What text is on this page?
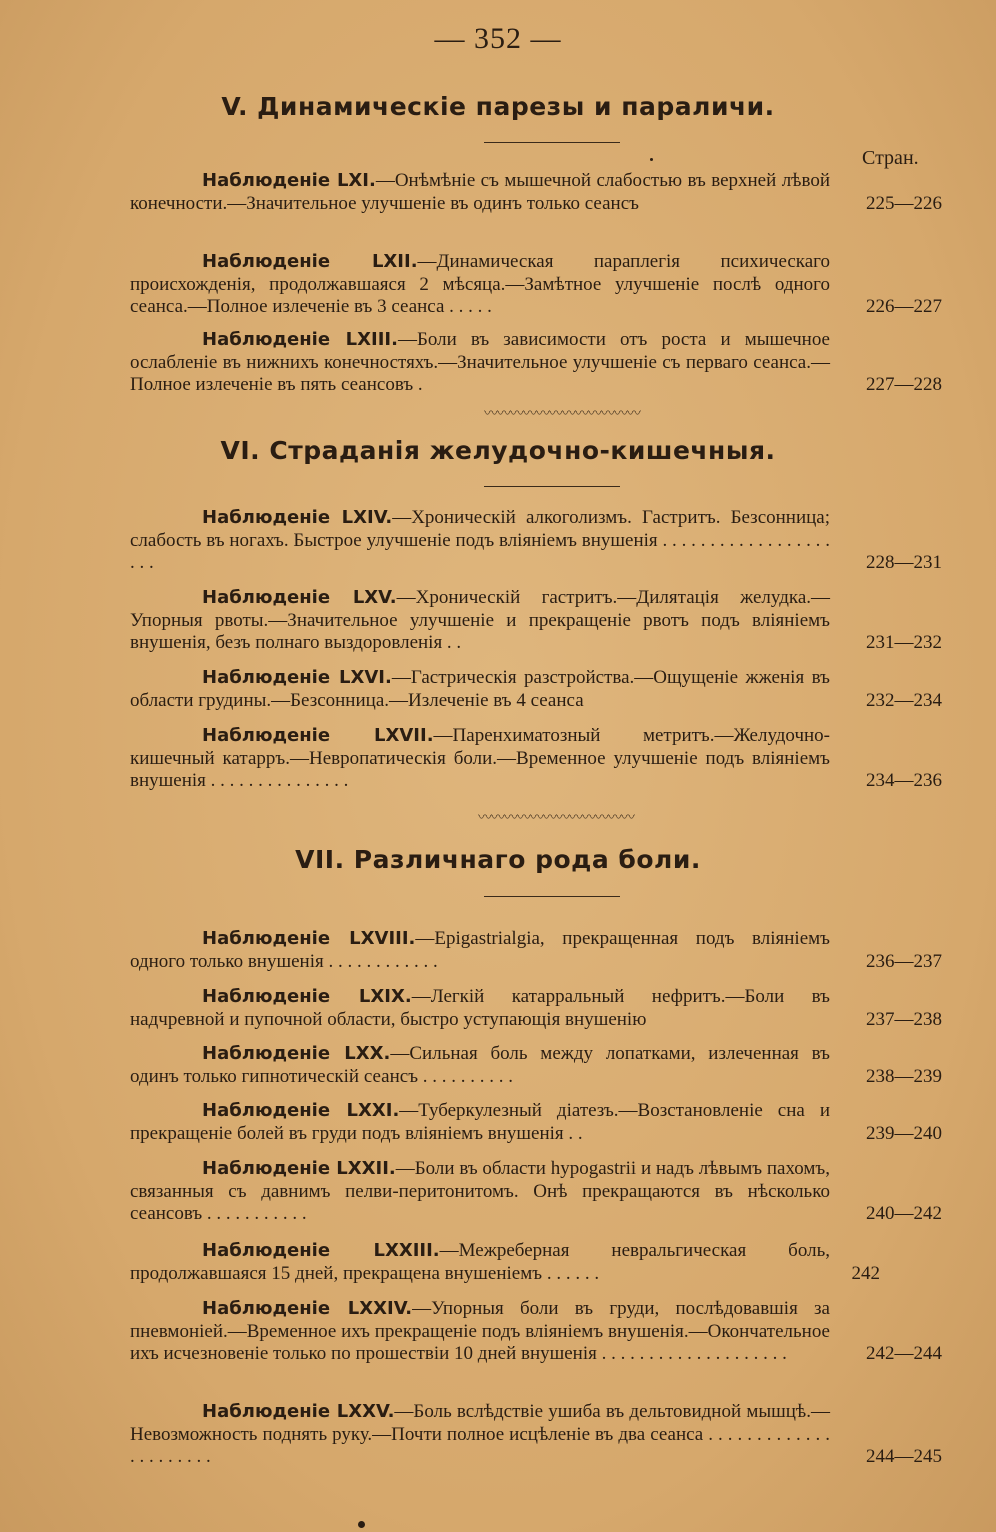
— 352 —
V. Динамическіе парезы и параличи.
Стран.
Наблюденіе LXI.—Онѣмѣніе съ мышечной слабостью въ верхней лѣвой конечности.—Значительное улучшеніе въ одинъ только сеансъ	225—226
Наблюденіе LXII.—Динамическая параплегія психическаго происхожденія, продолжавшаяся 2 мѣсяца.—Замѣтное улучшеніе послѣ одного сеанса.—Полное излеченіе въ 3 сеанса . . . . .	226—227
Наблюденіе LXIII.—Боли въ зависимости отъ роста и мышечное ослабленіе въ нижнихъ конечностяхъ.—Значительное улучшеніе съ перваго сеанса.—Полное излеченіе въ пять сеансовъ .	227—228
〰〰〰〰〰〰〰〰〰〰〰〰
VI. Страданія желудочно-кишечныя.
Наблюденіе LXIV.—Хроническій алкоголизмъ. Гастритъ. Безсонница; слабость въ ногахъ. Быстрое улучшеніе подъ вліяніемъ внушенія . . . . . . . . . . . . . . . . . . . . .	228—231
Наблюденіе LXV.—Хроническій гастритъ.—Дилятація желудка.—Упорныя рвоты.—Значительное улучшеніе и прекращеніе рвотъ подъ вліяніемъ внушенія, безъ полнаго выздоровленія . .	231—232
Наблюденіе LXVI.—Гастрическія разстройства.—Ощущеніе жженія въ области грудины.—Безсонница.—Излеченіе въ 4 сеанса	232—234
Наблюденіе LXVII.—Паренхиматозный метритъ.—Желудочно-кишечный катарръ.—Невропатическія боли.—Временное улучшеніе подъ вліяніемъ внушенія . . . . . . . . . . . . . . .	234—236
〰〰〰〰〰〰〰〰〰〰〰〰
VII. Различнаго рода боли.
Наблюденіе LXVIII.—Epigastrialgia, прекращенная подъ вліяніемъ одного только внушенія . . . . . . . . . . . .	236—237
Наблюденіе LXIX.—Легкій катарральный нефритъ.—Боли въ надчревной и пупочной области, быстро уступающія внушенію	237—238
Наблюденіе LXX.—Сильная боль между лопатками, излеченная въ одинъ только гипнотическій сеансъ . . . . . . . . . .	238—239
Наблюденіе LXXI.—Туберкулезный діатезъ.—Возстановленіе сна и прекращеніе болей въ груди подъ вліяніемъ внушенія . .	239—240
Наблюденіе LXXII.—Боли въ области hypogastrii и надъ лѣвымъ пахомъ, связанныя съ давнимъ пелви-перитонитомъ. Онѣ прекращаются въ нѣсколько сеансовъ . . . . . . . . . . .	240—242
Наблюденіе LXXIII.—Межреберная невральгическая боль, продолжавшаяся 15 дней, прекращена внушеніемъ . . . . . .	242
Наблюденіе LXXIV.—Упорныя боли въ груди, послѣдовавшія за пневмоніей.—Временное ихъ прекращеніе подъ вліяніемъ внушенія.—Окончательное ихъ исчезновеніе только по прошествіи 10 дней внушенія . . . . . . . . . . . . . . . . . . . .	242—244
Наблюденіе LXXV.—Боль вслѣдствіе ушиба въ дельтовидной мышцѣ.—Невозможность поднять руку.—Почти полное исцѣленіе въ два сеанса . . . . . . . . . . . . . . . . . . . . . .	244—245
